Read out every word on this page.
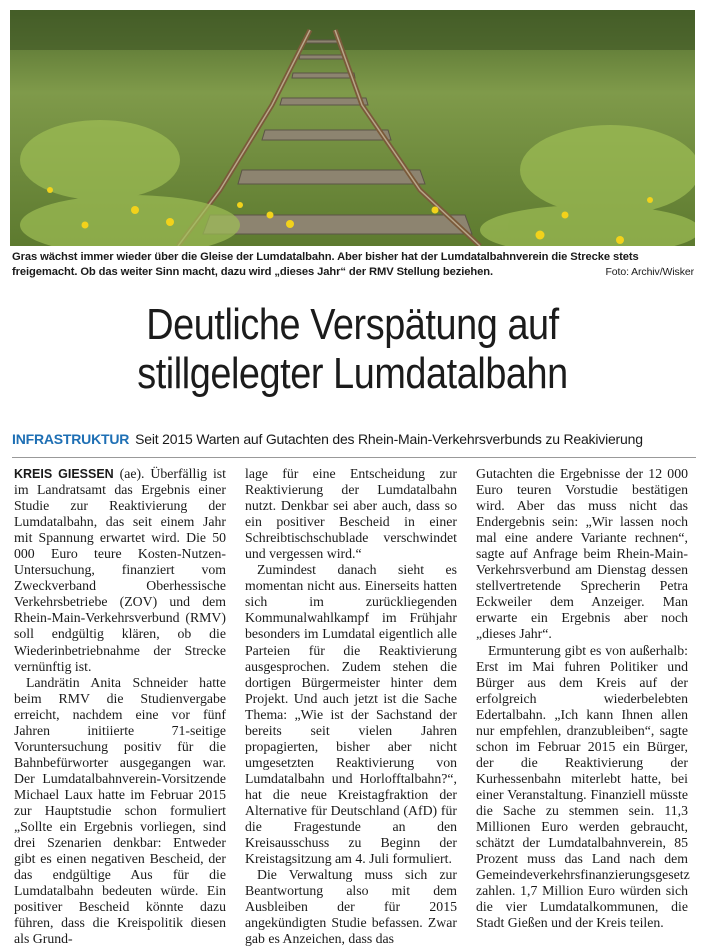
Gras wächst immer wieder über die Gleise der Lumdatalbahn. Aber bisher hat der Lumdatalbahnverein die Strecke stets freigemacht. Ob das weiter Sinn macht, dazu wird „dieses Jahr“ der RMV Stellung beziehen.	Foto: Archiv/Wisker
Deutliche Verspätung auf
stillgelegter Lumdatalbahn
INFRASTRUKTUR Seit 2015 Warten auf Gutachten des Rhein-Main-Verkehrsverbunds zu Reakivierung

KREIS GIESSEN (ae). Überfällig ist im Landratsamt das Ergebnis einer Studie zur Reaktivierung der Lumdatalbahn, das seit einem Jahr mit Spannung erwartet wird. Die 50 000 Euro teure Kosten-Nutzen-Untersuchung, finanziert vom Zweckverband Oberhessische Verkehrsbetriebe (ZOV) und dem Rhein-Main-Verkehrsverbund (RMV) soll endgültig klären, ob die Wiederinbetriebnahme der Strecke vernünftig ist.

Landrätin Anita Schneider hatte beim RMV die Studienvergabe erreicht, nachdem eine vor fünf Jahren initiierte 71-seitige Voruntersuchung positiv für die Bahnbefürworter ausgegangen war. Der Lumdatalbahnverein-Vorsitzende Michael Laux hatte im Februar 2015 zur Hauptstudie schon formuliert „Sollte ein Ergebnis vorliegen, sind drei Szenarien denkbar: Entweder gibt es einen negativen Bescheid, der das endgültige Aus für die Lumdatalbahn bedeuten würde. Ein positiver Bescheid könnte dazu führen, dass die Kreispolitik diesen als Grund-

lage für eine Entscheidung zur Reaktivierung der Lumdatalbahn nutzt. Denkbar sei aber auch, dass so ein positiver Bescheid in einer Schreibtischschublade verschwindet und vergessen wird.“

Zumindest danach sieht es momentan nicht aus. Einerseits hatten sich im zurückliegenden Kommunalwahlkampf im Frühjahr besonders im Lumdatal eigentlich alle Parteien für die Reaktivierung ausgesprochen. Zudem stehen die dortigen Bürgermeister hinter dem Projekt. Und auch jetzt ist die Sache Thema: „Wie ist der Sachstand der bereits seit vielen Jahren propagierten, bisher aber nicht umgesetzten Reaktivierung von Lumdatalbahn und Horlofftalbahn?“, hat die neue Kreistagfraktion der Alternative für Deutschland (AfD) für die Fragestunde an den Kreisausschuss zu Beginn der Kreistagsitzung am 4. Juli formuliert.

Die Verwaltung muss sich zur Beantwortung also mit dem Ausbleiben der für 2015 angekündigten Studie befassen. Zwar gab es Anzeichen, dass das

Gutachten die Ergebnisse der 12 000 Euro teuren Vorstudie bestätigen wird. Aber das muss nicht das Endergebnis sein: „Wir lassen noch mal eine andere Variante rechnen“, sagte auf Anfrage beim Rhein-Main-Verkehrsverbund am Dienstag dessen stellvertretende Sprecherin Petra Eckweiler dem Anzeiger. Man erwarte ein Ergebnis aber noch „dieses Jahr“.

Ermunterung gibt es von außerhalb: Erst im Mai fuhren Politiker und Bürger aus dem Kreis auf der erfolgreich wiederbelebten Edertalbahn. „Ich kann Ihnen allen nur empfehlen, dranzubleiben“, sagte schon im Februar 2015 ein Bürger, der die Reaktivierung der Kurhessenbahn miterlebt hatte, bei einer Veranstaltung. Finanziell müsste die Sache zu stemmen sein. 11,3 Millionen Euro werden gebraucht, schätzt der Lumdatalbahnverein, 85 Prozent muss das Land nach dem Gemeindeverkehrsfinanzierungsgesetz zahlen. 1,7 Million Euro würden sich die vier Lumdatalkommunen, die Stadt Gießen und der Kreis teilen.
